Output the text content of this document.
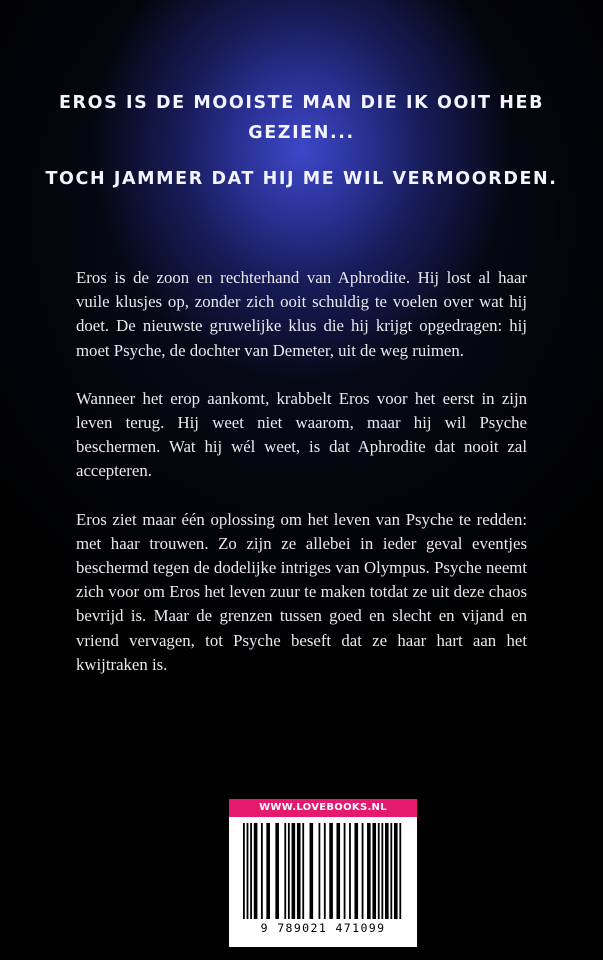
EROS IS DE MOOISTE MAN DIE IK OOIT HEB GEZIEN...

TOCH JAMMER DAT HIJ ME WIL VERMOORDEN.

Eros is de zoon en rechterhand van Aphrodite. Hij lost al haar vuile klusjes op, zonder zich ooit schuldig te voelen over wat hij doet. De nieuwste gruwelijke klus die hij krijgt opgedragen: hij moet Psyche, de dochter van Demeter, uit de weg ruimen.

Wanneer het erop aankomt, krabbelt Eros voor het eerst in zijn leven terug. Hij weet niet waarom, maar hij wil Psyche beschermen. Wat hij wél weet, is dat Aphrodite dat nooit zal accepteren.

Eros ziet maar één oplossing om het leven van Psyche te redden: met haar trouwen. Zo zijn ze allebei in ieder geval eventjes beschermd tegen de dodelijke intriges van Olympus. Psyche neemt zich voor om Eros het leven zuur te maken totdat ze uit deze chaos bevrijd is. Maar de grenzen tussen goed en slecht en vijand en vriend vervagen, tot Psyche beseft dat ze haar hart aan het kwijtraken is.

WWW.LOVEBOOKS.NL
9 789021 471099
